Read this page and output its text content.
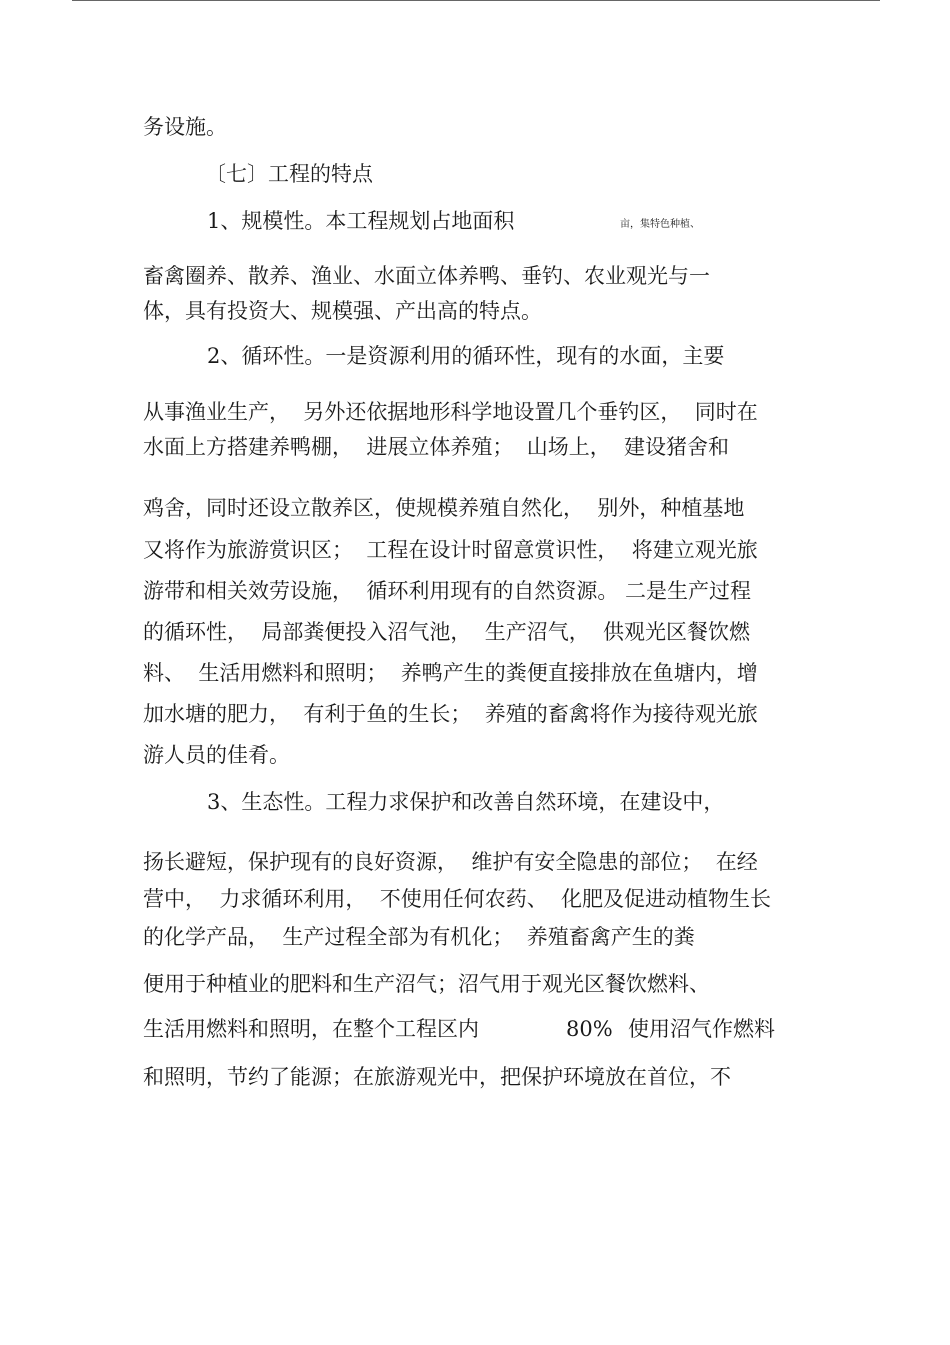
务设施。
〔七〕工程的特点
1、规模性。本工程规划占地面积	亩，集特色种植、
畜禽圈养、散养、渔业、水面立体养鸭、垂钓、农业观光与一
体，具有投资大、规模强、产出高的特点。
2、循环性。一是资源利用的循环性，现有的水面，主要
从事渔业生产，  另外还依据地形科学地设置几个垂钓区，  同时在
水面上方搭建养鸭棚，  进展立体养殖；  山场上，  建设猪舍和
鸡舍，同时还设立散养区，使规模养殖自然化，  别外，种植基地
又将作为旅游赏识区；  工程在设计时留意赏识性，  将建立观光旅
游带和相关效劳设施，  循环利用现有的自然资源。 二是生产过程
的循环性，  局部粪便投入沼气池，  生产沼气，  供观光区餐饮燃
料、  生活用燃料和照明；  养鸭产生的粪便直接排放在鱼塘内，增
加水塘的肥力，  有利于鱼的生长；  养殖的畜禽将作为接待观光旅
游人员的佳肴。
3、生态性。工程力求保护和改善自然环境，在建设中，
扬长避短，保护现有的良好资源，  维护有安全隐患的部位；  在经
营中，  力求循环利用，  不使用任何农药、  化肥及促进动植物生长
的化学产品，  生产过程全部为有机化；  养殖畜禽产生的粪
便用于种植业的肥料和生产沼气；沼气用于观光区餐饮燃料、
生活用燃料和照明，在整个工程区内	80% 使用沼气作燃料
和照明，节约了能源；在旅游观光中，把保护环境放在首位，不
